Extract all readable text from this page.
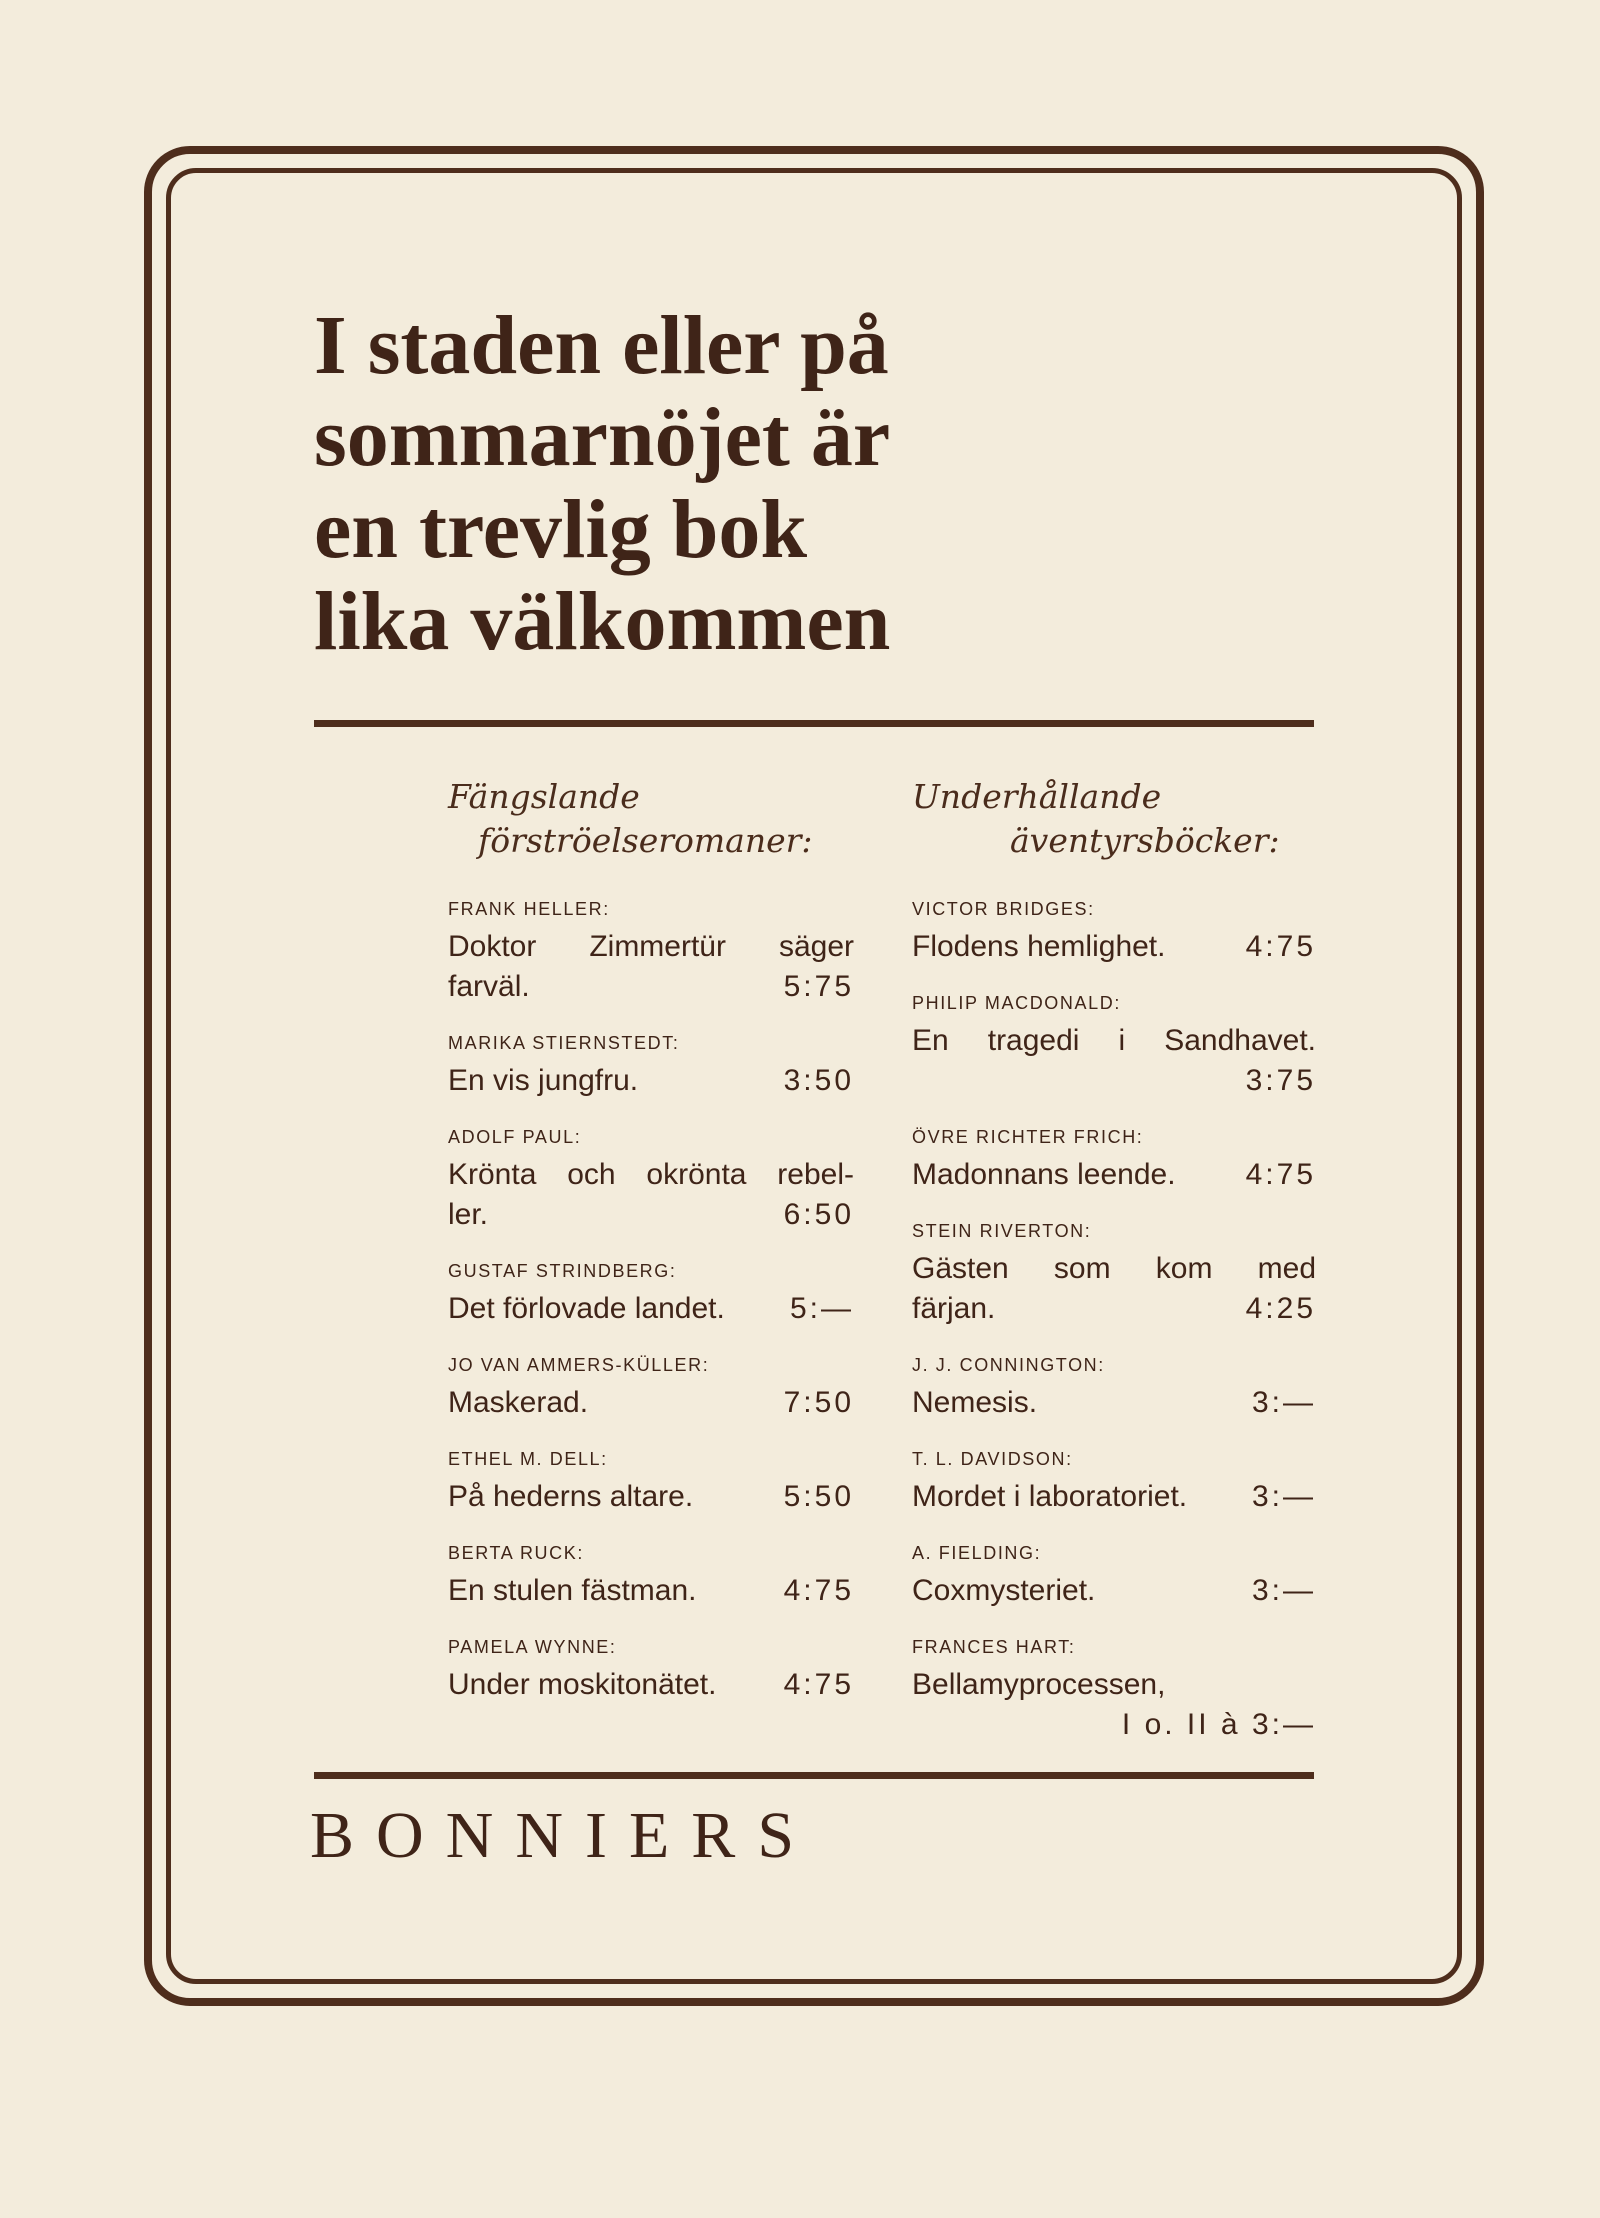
I staden eller på
sommarnöjet är
en trevlig bok
lika välkommen
Fängslande
förströelseromaner:
FRANK HELLER:
Doktor Zimmertür säger
farväl.	5:75
MARIKA STIERNSTEDT:
En vis jungfru.	3:50
ADOLF PAUL:
Krönta och okrönta rebel-
ler.	6:50
GUSTAF STRINDBERG:
Det förlovade landet. 5:—
JO VAN AMMERS-KÜLLER:
Maskerad.	7:50
ETHEL M. DELL:
På hederns altare.	5:50
BERTA RUCK:
En stulen fästman.	4:75
PAMELA WYNNE:
Under moskitonätet. 4:75
Underhållande
äventyrsböcker:
VICTOR BRIDGES:
Flodens hemlighet.	4:75
PHILIP MACDONALD:
En tragedi i Sandhavet.
3:75
ÖVRE RICHTER FRICH:
Madonnans leende. 4:75
STEIN RIVERTON:
Gästen som kom med
färjan.	4:25
J. J. CONNINGTON:
Nemesis.	3:—
T. L. DAVIDSON:
Mordet i laboratoriet. 3:—
A. FIELDING:
Coxmysteriet.	3:—
FRANCES HART:
Bellamyprocessen,
I o. II à 3:—
BONNIERS
